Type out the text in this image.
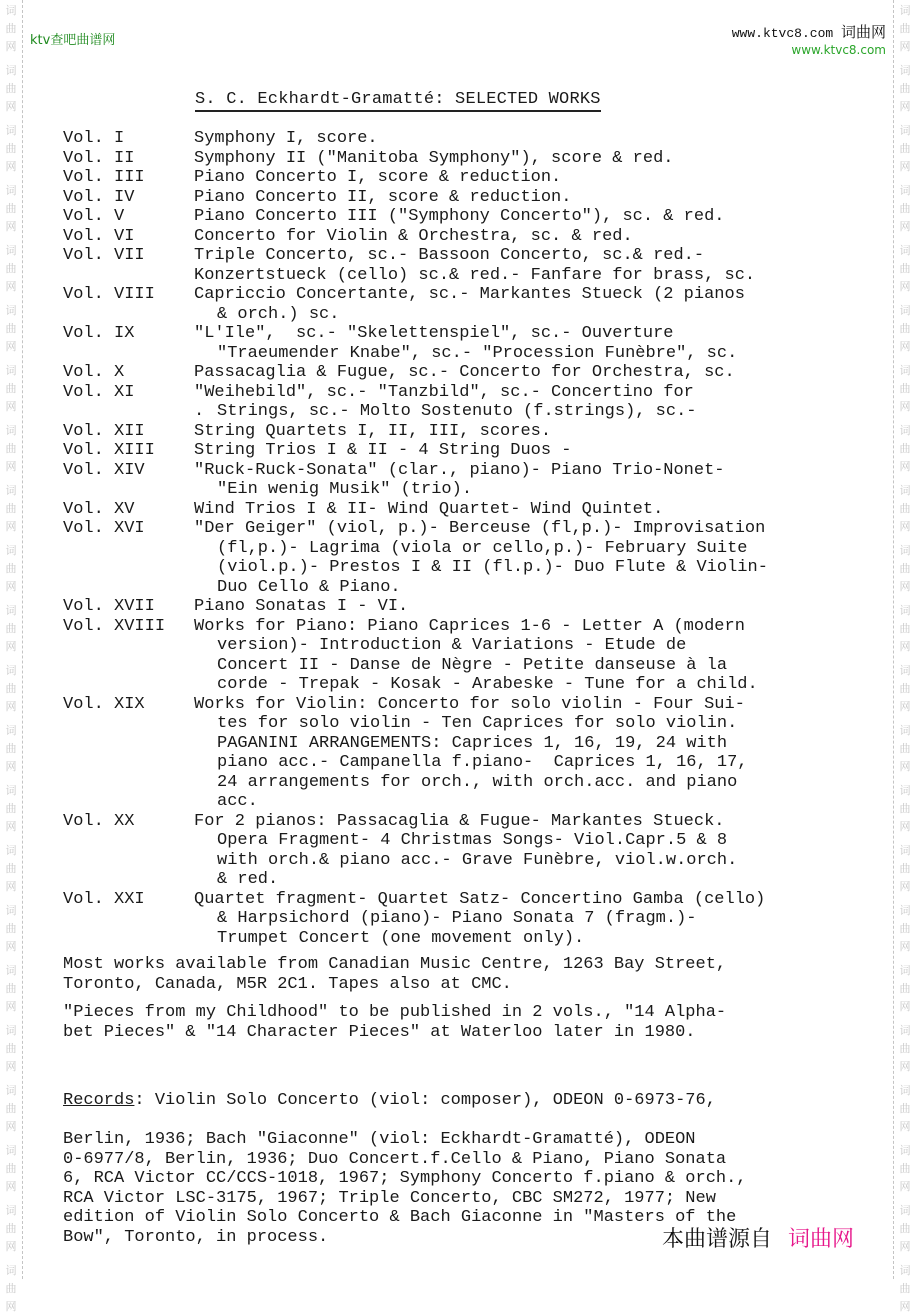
词
曲
网
词
曲
网
词
曲
网
词
曲
网
词
曲
网
词
曲
网
词
曲
网
词
曲
网
词
曲
网
词
曲
网
词
曲
网
词
曲
网
词
曲
网
词
曲
网
词
曲
网
词
曲
网
词
曲
网
词
曲
网
词
曲
网
词
曲
网
词
曲
网
词
曲
网
词
曲
网
词
曲
网
词
曲
网
词
曲
网
词
曲
网
词
曲
网
词
曲
网
词
曲
网
词
曲
网
词
曲
网
词
曲
网
词
曲
网
词
曲
网
词
曲
网
词
曲
网
词
曲
网
词
曲
网
词
曲
网
词
曲
网
词
曲
网
词
曲
网
词
曲
网
ktv查吧曲谱网	www.ktvc8.com 词曲网
www.ktvc8.com
S. C. Eckhardt-Gramatté: SELECTED WORKS
Vol. I	Symphony I, score.
Vol. II	Symphony II ("Manitoba Symphony"), score & red.
Vol. III	Piano Concerto I, score & reduction.
Vol. IV	Piano Concerto II, score & reduction.
Vol. V	Piano Concerto III ("Symphony Concerto"), sc. & red.
Vol. VI	Concerto for Violin & Orchestra, sc. & red.
Vol. VII	Triple Concerto, sc.- Bassoon Concerto, sc.& red.-
Konzertstueck (cello) sc.& red.- Fanfare for brass, sc.
Vol. VIII	Capriccio Concertante, sc.- Markantes Stueck (2 pianos
& orch.) sc.
Vol. IX	"L'Ile",  sc.- "Skelettenspiel", sc.- Ouverture
"Traeumender Knabe", sc.- "Procession Funèbre", sc.
Vol. X	Passacaglia & Fugue, sc.- Concerto for Orchestra, sc.
Vol. XI	"Weihebild", sc.- "Tanzbild", sc.- Concertino for
. Strings, sc.- Molto Sostenuto (f.strings), sc.-
Vol. XII	String Quartets I, II, III, scores.
Vol. XIII	String Trios I & II - 4 String Duos -
Vol. XIV	"Ruck-Ruck-Sonata" (clar., piano)- Piano Trio-Nonet-
"Ein wenig Musik" (trio).
Vol. XV	Wind Trios I & II- Wind Quartet- Wind Quintet.
Vol. XVI	"Der Geiger" (viol, p.)- Berceuse (fl,p.)- Improvisation
(fl,p.)- Lagrima (viola or cello,p.)- February Suite
(viol.p.)- Prestos I & II (fl.p.)- Duo Flute & Violin-
Duo Cello & Piano.
Vol. XVII	Piano Sonatas I - VI.
Vol. XVIII	Works for Piano: Piano Caprices 1-6 - Letter A (modern
version)- Introduction & Variations - Etude de
Concert II - Danse de Nègre - Petite danseuse à la
corde - Trepak - Kosak - Arabeske - Tune for a child.
Vol. XIX	Works for Violin: Concerto for solo violin - Four Sui-
tes for solo violin - Ten Caprices for solo violin.
PAGANINI ARRANGEMENTS: Caprices 1, 16, 19, 24 with
piano acc.- Campanella f.piano-  Caprices 1, 16, 17,
24 arrangements for orch., with orch.acc. and piano
acc.
Vol. XX	For 2 pianos: Passacaglia & Fugue- Markantes Stueck.
Opera Fragment- 4 Christmas Songs- Viol.Capr.5 & 8
with orch.& piano acc.- Grave Funèbre, viol.w.orch.
& red.
Vol. XXI	Quartet fragment- Quartet Satz- Concertino Gamba (cello)
& Harpsichord (piano)- Piano Sonata 7 (fragm.)-
Trumpet Concert (one movement only).
Most works available from Canadian Music Centre, 1263 Bay Street,
Toronto, Canada, M5R 2C1. Tapes also at CMC.
"Pieces from my Childhood" to be published in 2 vols., "14 Alpha-
bet Pieces" & "14 Character Pieces" at Waterloo later in 1980.

Records: Violin Solo Concerto (viol: composer), ODEON 0-6973-76,

Berlin, 1936; Bach "Giaconne" (viol: Eckhardt-Gramatté), ODEON
0-6977/8, Berlin, 1936; Duo Concert.f.Cello & Piano, Piano Sonata
6, RCA Victor CC/CCS-1018, 1967; Symphony Concerto f.piano & orch.,
RCA Victor LSC-3175, 1967; Triple Concerto, CBC SM272, 1977; New
edition of Violin Solo Concerto & Bach Giaconne in "Masters of the
Bow", Toronto, in process.	本曲谱源自 词曲网
